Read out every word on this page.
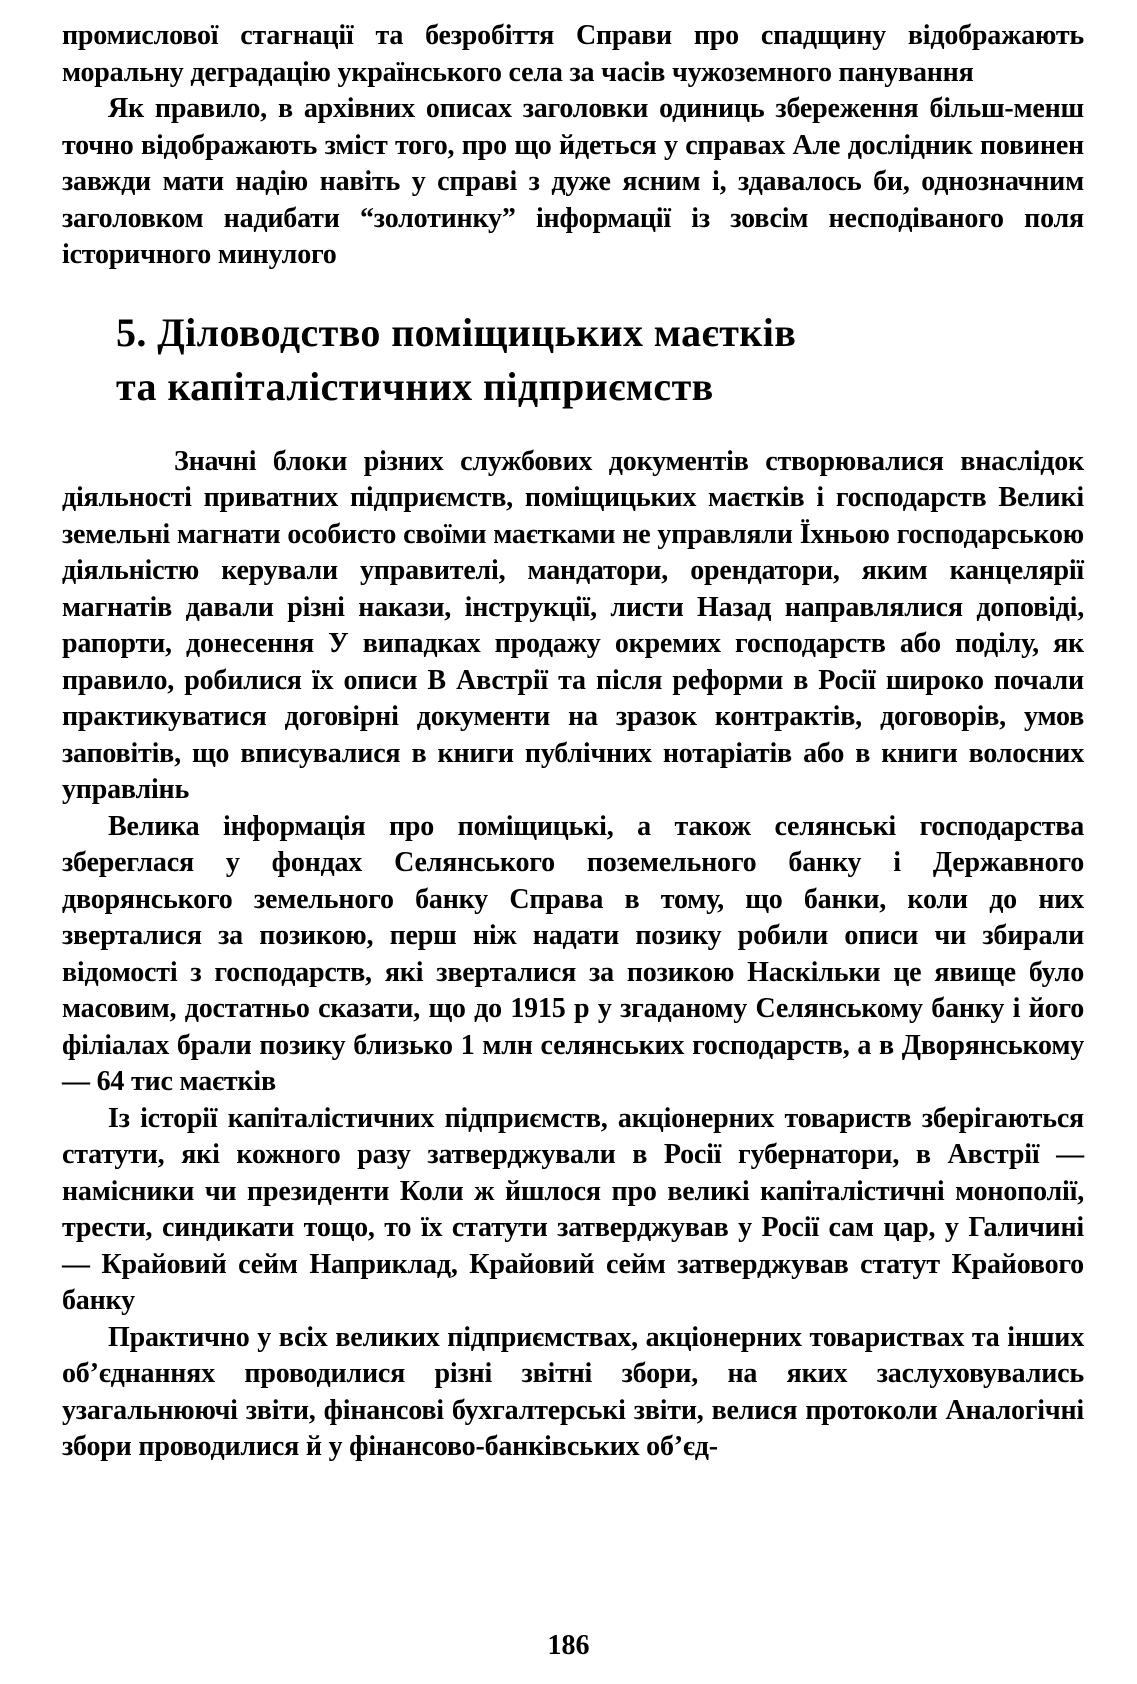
промислової стагнації та безробіття Справи про спадщину відображають моральну деградацію українського села за часів чужоземного панування

Як правило, в архівних описах заголовки одиниць збереження більш-менш точно відображають зміст того, про що йдеться у справах Але дослідник повинен завжди мати надію навіть у справі з дуже ясним і, здавалось би, однозначним заголовком надибати “золотинку” інформації із зовсім несподіваного поля історичного минулого

5. Діловодство поміщицьких маєтків
та капіталістичних підприємств

Значні блоки різних службових документів створювалися внаслідок діяльності приватних підприємств, поміщицьких маєтків і господарств Великі земельні магнати особисто своїми маєтками не управляли Їхньою господарською діяльністю керували управителі, мандатори, орендатори, яким канцелярії магнатів давали різні накази, інструкції, листи Назад направлялися доповіді, рапорти, донесення У випадках продажу окремих господарств або поділу, як правило, робилися їх описи В Австрії та після реформи в Росії широко почали практикуватися договірні документи на зразок контрактів, договорів, умов заповітів, що вписувалися в книги публічних нотаріатів або в книги волосних управлінь

Велика інформація про поміщицькі, а також селянські господарства збереглася у фондах Селянського поземельного банку і Державного дворянського земельного банку Справа в тому, що банки, коли до них зверталися за позикою, перш ніж надати позику робили описи чи збирали відомості з господарств, які зверталися за позикою Наскільки це явище було масовим, достатньо сказати, що до 1915 р у згаданому Селянському банку і його філіалах брали позику близько 1 млн селянських господарств, а в Дворянському — 64 тис маєтків

Із історії капіталістичних підприємств, акціонерних товариств зберігаються статути, які кожного разу затверджували в Росії губернатори, в Австрії — намісники чи президенти Коли ж йшлося про великі капіталістичні монополії, трести, синдикати тощо, то їх статути затверджував у Росії сам цар, у Галичині — Крайовий сейм Наприклад, Крайовий сейм затверджував статут Крайового банку

Практично у всіх великих підприємствах, акціонерних товариствах та інших об’єднаннях проводилися різні звітні збори, на яких заслуховувались узагальнюючі звіти, фінансові бухгалтерські звіти, велися протоколи Аналогічні збори проводилися й у фінансово-банківських об’єд-

186
